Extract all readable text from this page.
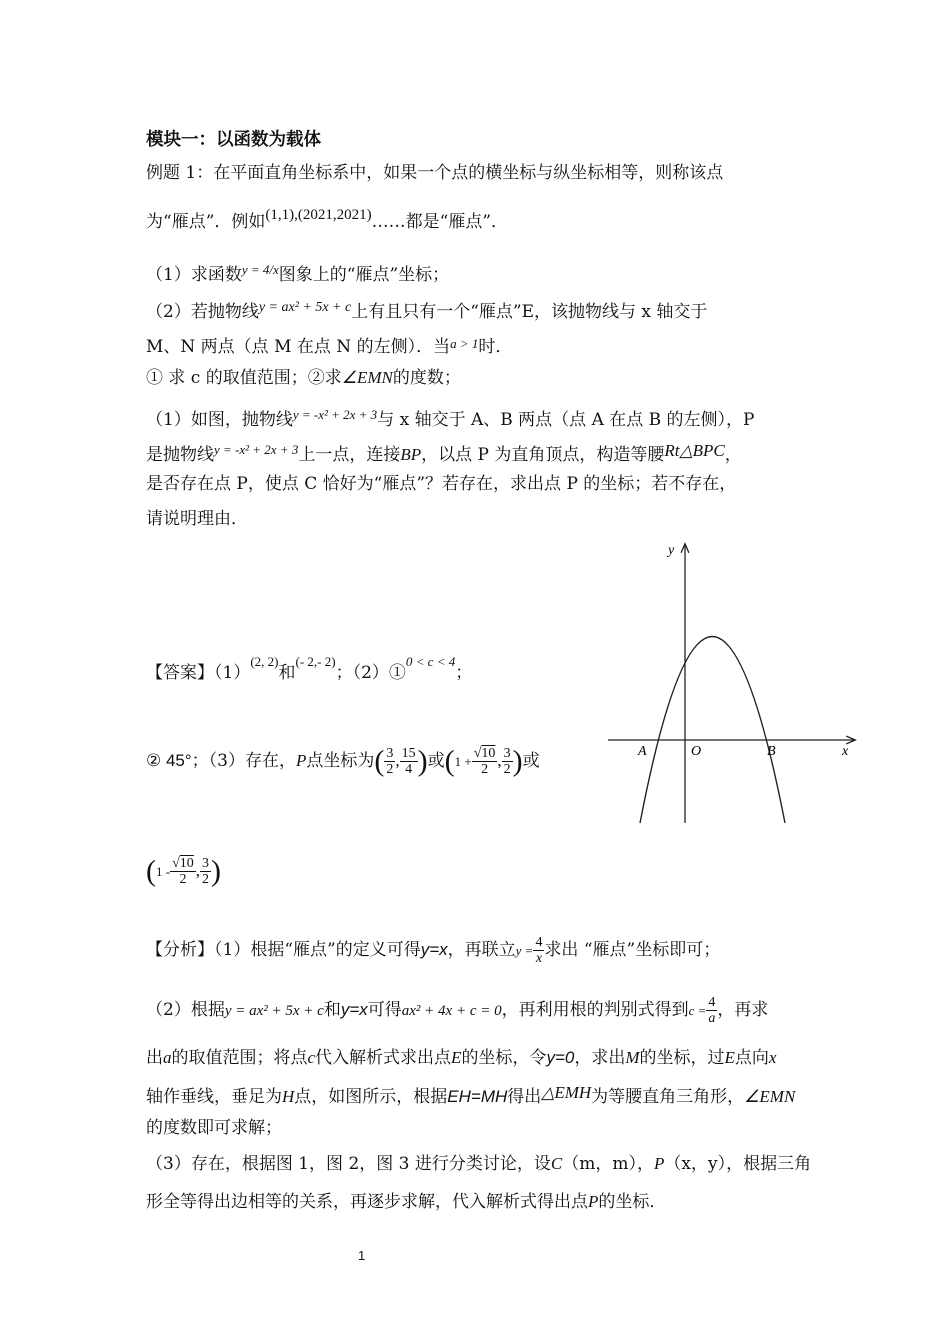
模块一：以函数为载体
例题 1：在平面直角坐标系中，如果一个点的横坐标与纵坐标相等，则称该点
为“雁点”．例如(1,1),(2021,2021)……都是“雁点”．
（1）求函数$^{y = 4/x}$图象上的“雁点”坐标；
（2）若抛物线$^{y = ax^2 + 5x + c}$上有且只有一个“雁点”E，该抛物线与 x 轴交于
M、N 两点（点 M 在点 N 的左侧）．当$^{a > 1}$时．
① 求 c 的取值范围；②求∠EMN的度数；
（1）如图，抛物线$^{y = -x^2 + 2x + 3}$与 x 轴交于 A、B 两点（点 A 在点 B 的左侧），P
是抛物线$^{y = -x^2 + 2x + 3}$上一点，连接BP，以点 P 为直角顶点，构造等腰Rt△BPC，
是否存在点 P，使点 C 恰好为“雁点”？若存在，求出点 P 的坐标；若不存在，
请说明理由．
y
x
A	O	B
【答案】$(1)^{(2, 2)}$和$^{(- 2,- 2)}$；（2）①$^{0 < c < 4}$；
② 45°；（3）存在，P点坐标为( $\frac{3}{2}$ , $\frac{15}{4}$ )或($1 + \frac{√10}{2}$ , $\frac{3}{2}$ )或
($1 - \frac{√10}{2}$ , $\frac{3}{2}$ )
【分析】（1）根据“雁点”的定义可得y=x，再联立$y = \frac{4}{x}$ 求出 “雁点”坐标即可；
（2）根据y = ax² + 5x + c和y=x可得ax² + 4x + c = 0，再利用根的判别式得到$c = \frac{4}{a}$ ，再求
出a的取值范围；将点c代入解析式求出点E的坐标，令y=0，求出M的坐标，过E点向x
轴作垂线，垂足为H点，如图所示，根据EH=MH得出△EMH为等腰直角三角形，∠EMN
的度数即可求解；
（3）存在，根据图 1，图 2，图 3 进行分类讨论，设C（m，m），P（x，y），根据三角
形全等得出边相等的关系，再逐步求解，代入解析式得出点P的坐标．
1
